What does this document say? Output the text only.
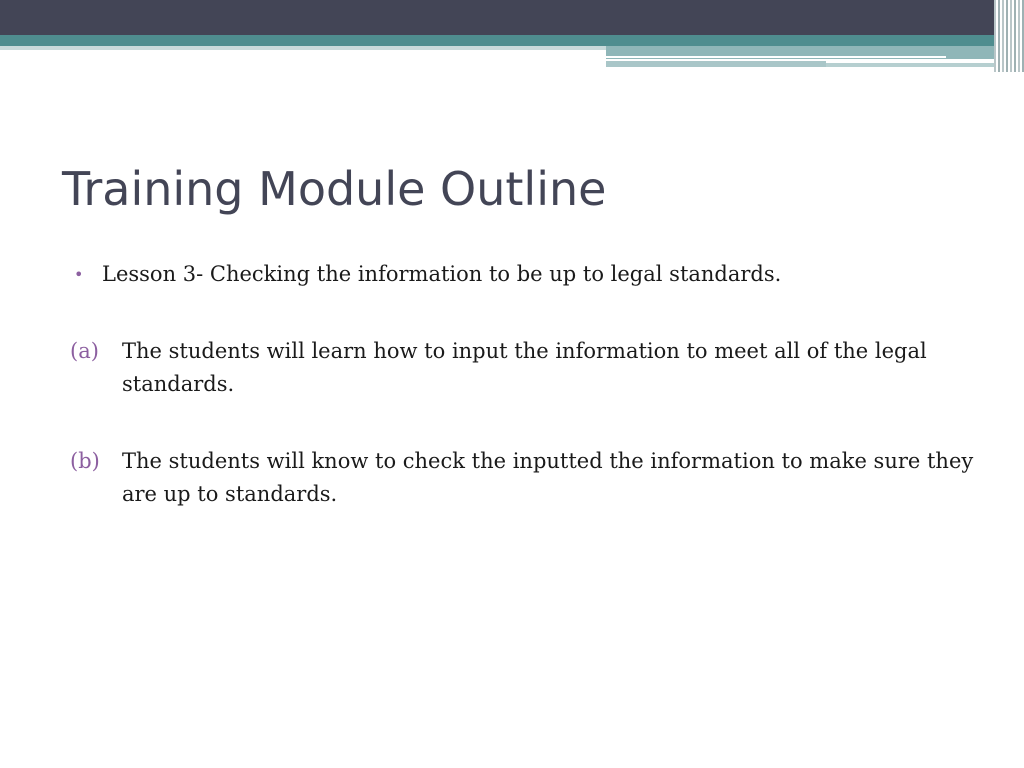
Training Module Outline
• Lesson 3- Checking the information to be up to legal standards.
(a)	The students will learn how to input the information to meet all of the legal standards.
(b)	The students will know to check the inputted the information to make sure they are up to standards.
